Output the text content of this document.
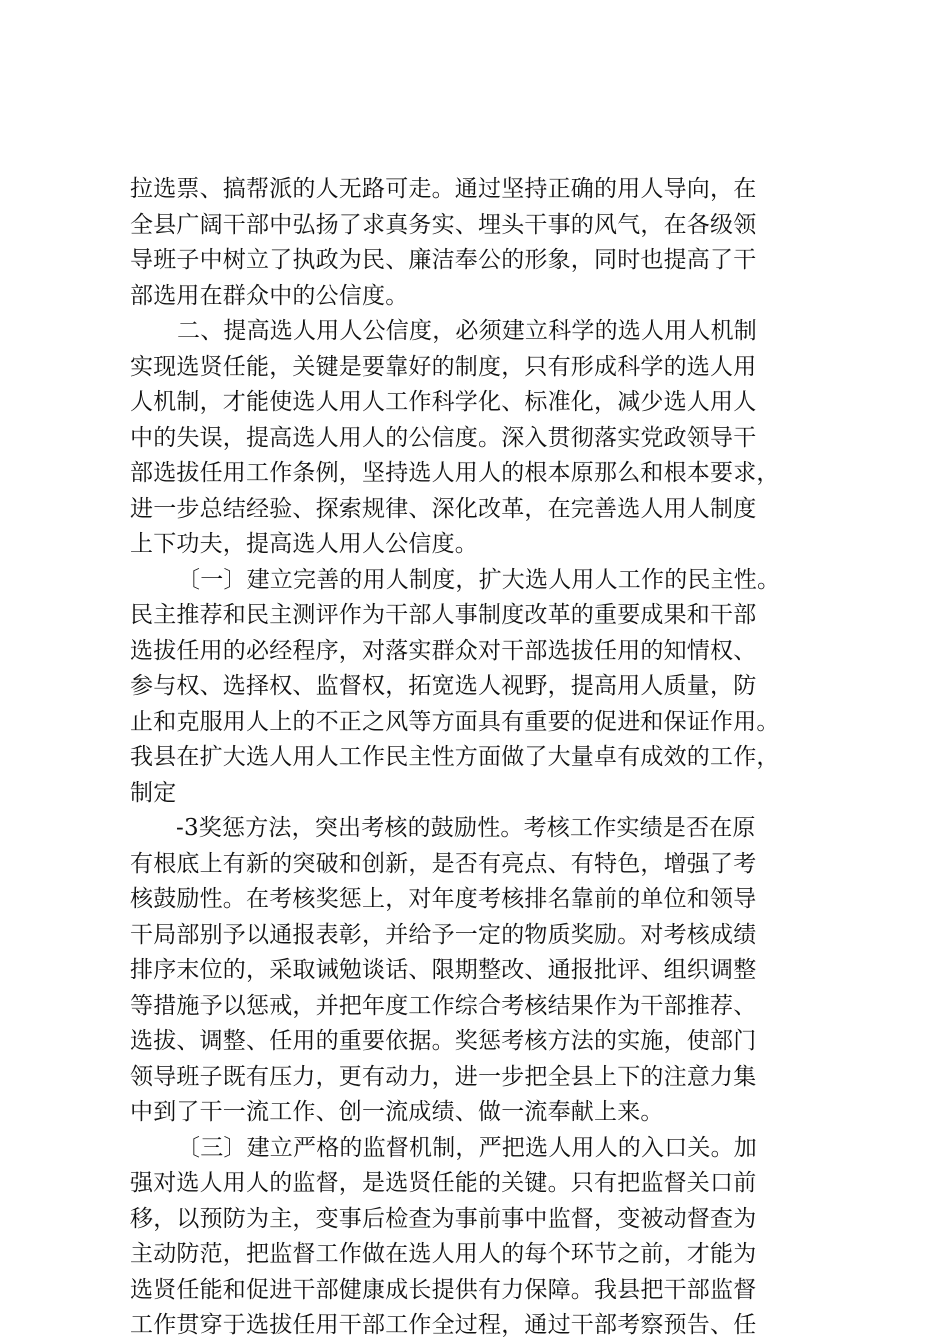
拉选票、搞帮派的人无路可走。通过坚持正确的用人导向，在
全县广阔干部中弘扬了求真务实、埋头干事的风气，在各级领
导班子中树立了执政为民、廉洁奉公的形象，同时也提高了干
部选用在群众中的公信度。
二、提高选人用人公信度，必须建立科学的选人用人机制
实现选贤任能，关键是要靠好的制度，只有形成科学的选人用
人机制，才能使选人用人工作科学化、标准化，减少选人用人
中的失误，提高选人用人的公信度。深入贯彻落实党政领导干
部选拔任用工作条例，坚持选人用人的根本原那么和根本要求，
进一步总结经验、探索规律、深化改革，在完善选人用人制度
上下功夫，提高选人用人公信度。
〔一〕建立完善的用人制度，扩大选人用人工作的民主性。
民主推荐和民主测评作为干部人事制度改革的重要成果和干部
选拔任用的必经程序，对落实群众对干部选拔任用的知情权、
参与权、选择权、监督权，拓宽选人视野，提高用人质量，防
止和克服用人上的不正之风等方面具有重要的促进和保证作用。
我县在扩大选人用人工作民主性方面做了大量卓有成效的工作，
制定
-3奖惩方法，突出考核的鼓励性。考核工作实绩是否在原
有根底上有新的突破和创新，是否有亮点、有特色，增强了考
核鼓励性。在考核奖惩上，对年度考核排名靠前的单位和领导
干局部别予以通报表彰，并给予一定的物质奖励。对考核成绩
排序末位的，采取诫勉谈话、限期整改、通报批评、组织调整
等措施予以惩戒，并把年度工作综合考核结果作为干部推荐、
选拔、调整、任用的重要依据。奖惩考核方法的实施，使部门
领导班子既有压力，更有动力，进一步把全县上下的注意力集
中到了干一流工作、创一流成绩、做一流奉献上来。
〔三〕建立严格的监督机制，严把选人用人的入口关。加
强对选人用人的监督，是选贤任能的关键。只有把监督关口前
移，以预防为主，变事后检查为事前事中监督，变被动督查为
主动防范，把监督工作做在选人用人的每个环节之前，才能为
选贤任能和促进干部健康成长提供有力保障。我县把干部监督
工作贯穿于选拔任用干部工作全过程，通过干部考察预告、任
